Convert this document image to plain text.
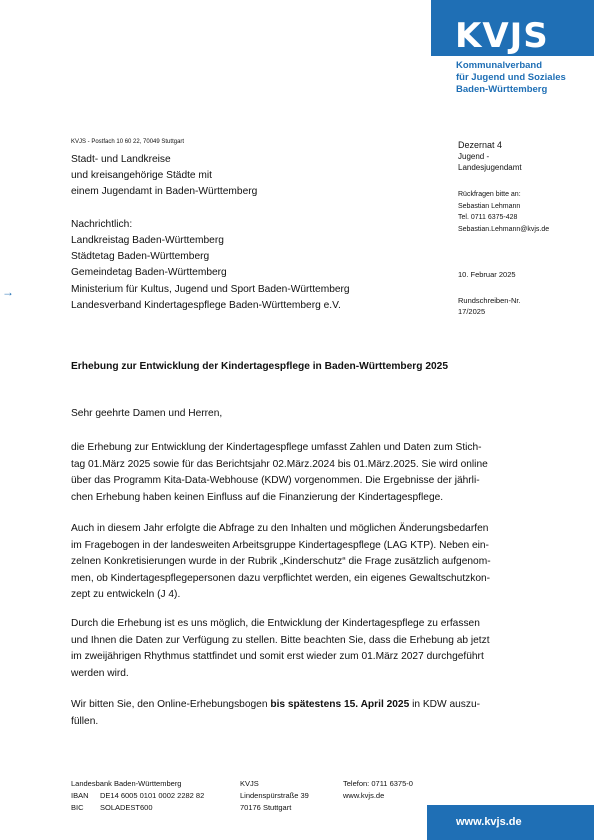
KVJS
Kommunalverband
für Jugend und Soziales
Baden-Württemberg
KVJS - Postfach 10 60 22, 70049 Stuttgart
Stadt- und Landkreise
und kreisangehörige Städte mit
einem Jugendamt in Baden-Württemberg
Nachrichtlich:
Landkreistag Baden-Württemberg
Städtetag Baden-Württemberg
Gemeindetag Baden-Württemberg
Ministerium für Kultus, Jugend und Sport Baden-Württemberg
Landesverband Kindertagespflege Baden-Württemberg e.V.
Dezernat 4
Jugend -
Landesjugendamt
Rückfragen bitte an:
Sebastian Lehmann
Tel. 0711 6375-428
Sebastian.Lehmann@kvjs.de
10. Februar 2025
Rundschreiben-Nr.
17/2025
→
Erhebung zur Entwicklung der Kindertagespflege in Baden-Württemberg 2025
Sehr geehrte Damen und Herren,
die Erhebung zur Entwicklung der Kindertagespflege umfasst Zahlen und Daten zum Stich-
tag 01.März 2025 sowie für das Berichtsjahr 02.März.2024 bis 01.März.2025. Sie wird online
über das Programm Kita-Data-Webhouse (KDW) vorgenommen. Die Ergebnisse der jährli-
chen Erhebung haben keinen Einfluss auf die Finanzierung der Kindertagespflege.
Auch in diesem Jahr erfolgte die Abfrage zu den Inhalten und möglichen Änderungsbedarfen
im Fragebogen in der landesweiten Arbeitsgruppe Kindertagespflege (LAG KTP). Neben ein-
zelnen Konkretisierungen wurde in der Rubrik „Kinderschutz“ die Frage zusätzlich aufgenom-
men, ob Kindertagespflegepersonen dazu verpflichtet werden, ein eigenes Gewaltschutzkon-
zept zu entwickeln (J 4).
Durch die Erhebung ist es uns möglich, die Entwicklung der Kindertagespflege zu erfassen
und Ihnen die Daten zur Verfügung zu stellen. Bitte beachten Sie, dass die Erhebung ab jetzt
im zweijährigen Rhythmus stattfindet und somit erst wieder zum 01.März 2027 durchgeführt
werden wird.
Wir bitten Sie, den Online-Erhebungsbogen bis spätestens 15. April 2025 in KDW auszu-
füllen.
Landesbank Baden-Württemberg
IBAN DE14 6005 0101 0002 2282 82
BIC SOLADEST600
KVJS
Lindenspürstraße 39
70176 Stuttgart
Telefon: 0711 6375-0
www.kvjs.de
www.kvjs.de
